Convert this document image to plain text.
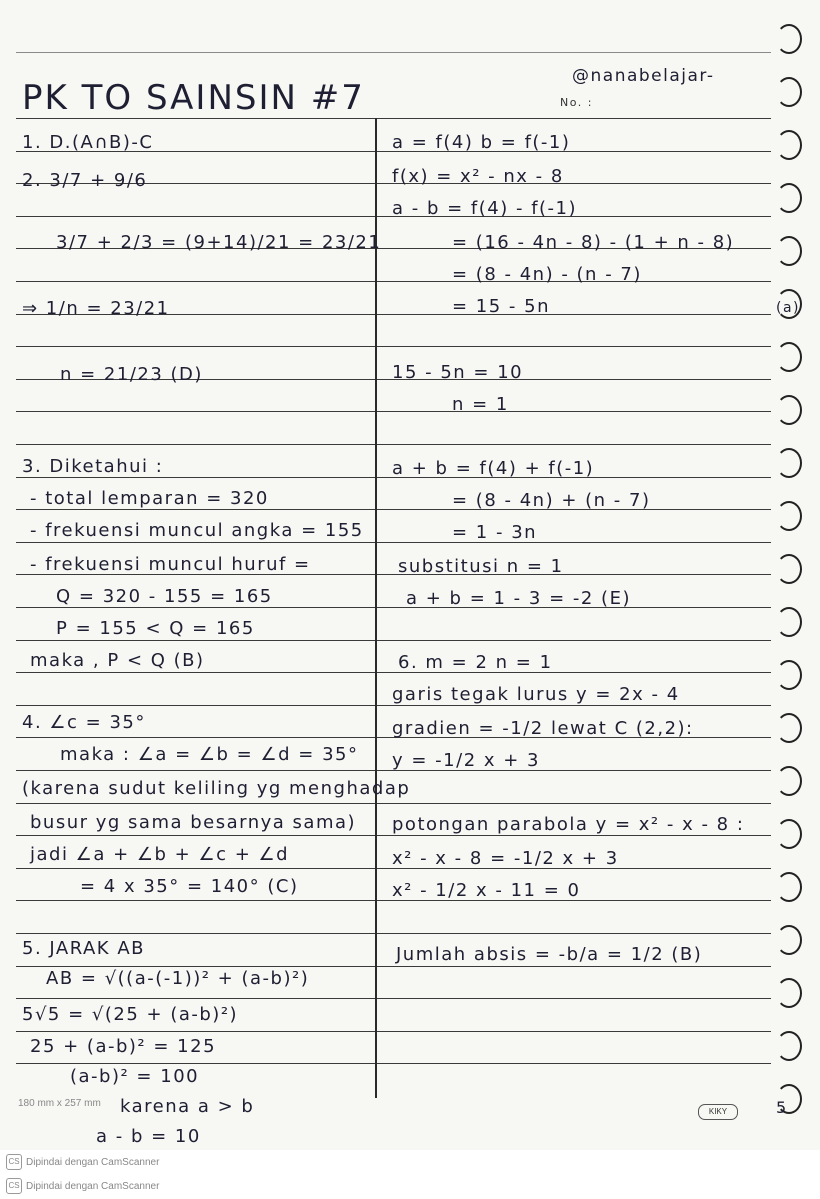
PK TO SAINSIN #7
@nanabelajar-
No. :
1. D.(A∩B)-C
2. 3/7 + 9/6
3/7 + 2/3 = (9+14)/21 = 23/21
⇒ 1/n = 23/21
n = 21/23 (D)
3. Diketahui :
- total lemparan = 320
- frekuensi muncul angka = 155
- frekuensi muncul huruf =
Q = 320 - 155 = 165
P = 155 < Q = 165
maka , P < Q (B)
4. ∠c = 35°
maka : ∠a = ∠b = ∠d = 35°
(karena sudut keliling yg menghadap
busur yg sama besarnya sama)
jadi ∠a + ∠b + ∠c + ∠d
= 4 x 35° = 140° (C)
5. JARAK AB
AB = √((a-(-1))² + (a-b)²)
5√5 = √(25 + (a-b)²)
25 + (a-b)² = 125
(a-b)² = 100
karena a > b
a - b = 10
a = f(4) b = f(-1)
f(x) = x² - nx - 8
a - b = f(4) - f(-1)
= (16 - 4n - 8) - (1 + n - 8)
= (8 - 4n) - (n - 7)
= 15 - 5n
15 - 5n = 10
n = 1
a + b = f(4) + f(-1)
= (8 - 4n) + (n - 7)
= 1 - 3n
substitusi n = 1
a + b = 1 - 3 = -2 (E)
6. m = 2 n = 1
garis tegak lurus y = 2x - 4
gradien = -1/2 lewat C (2,2):
y = -1/2 x + 3
potongan parabola y = x² - x - 8 :
x² - x - 8 = -1/2 x + 3
x² - 1/2 x - 11 = 0
Jumlah absis = -b/a = 1/2 (B)
(a)
180 mm x 257 mm
KIKY	5
CS Dipindai dengan CamScanner
CS Dipindai dengan CamScanner
